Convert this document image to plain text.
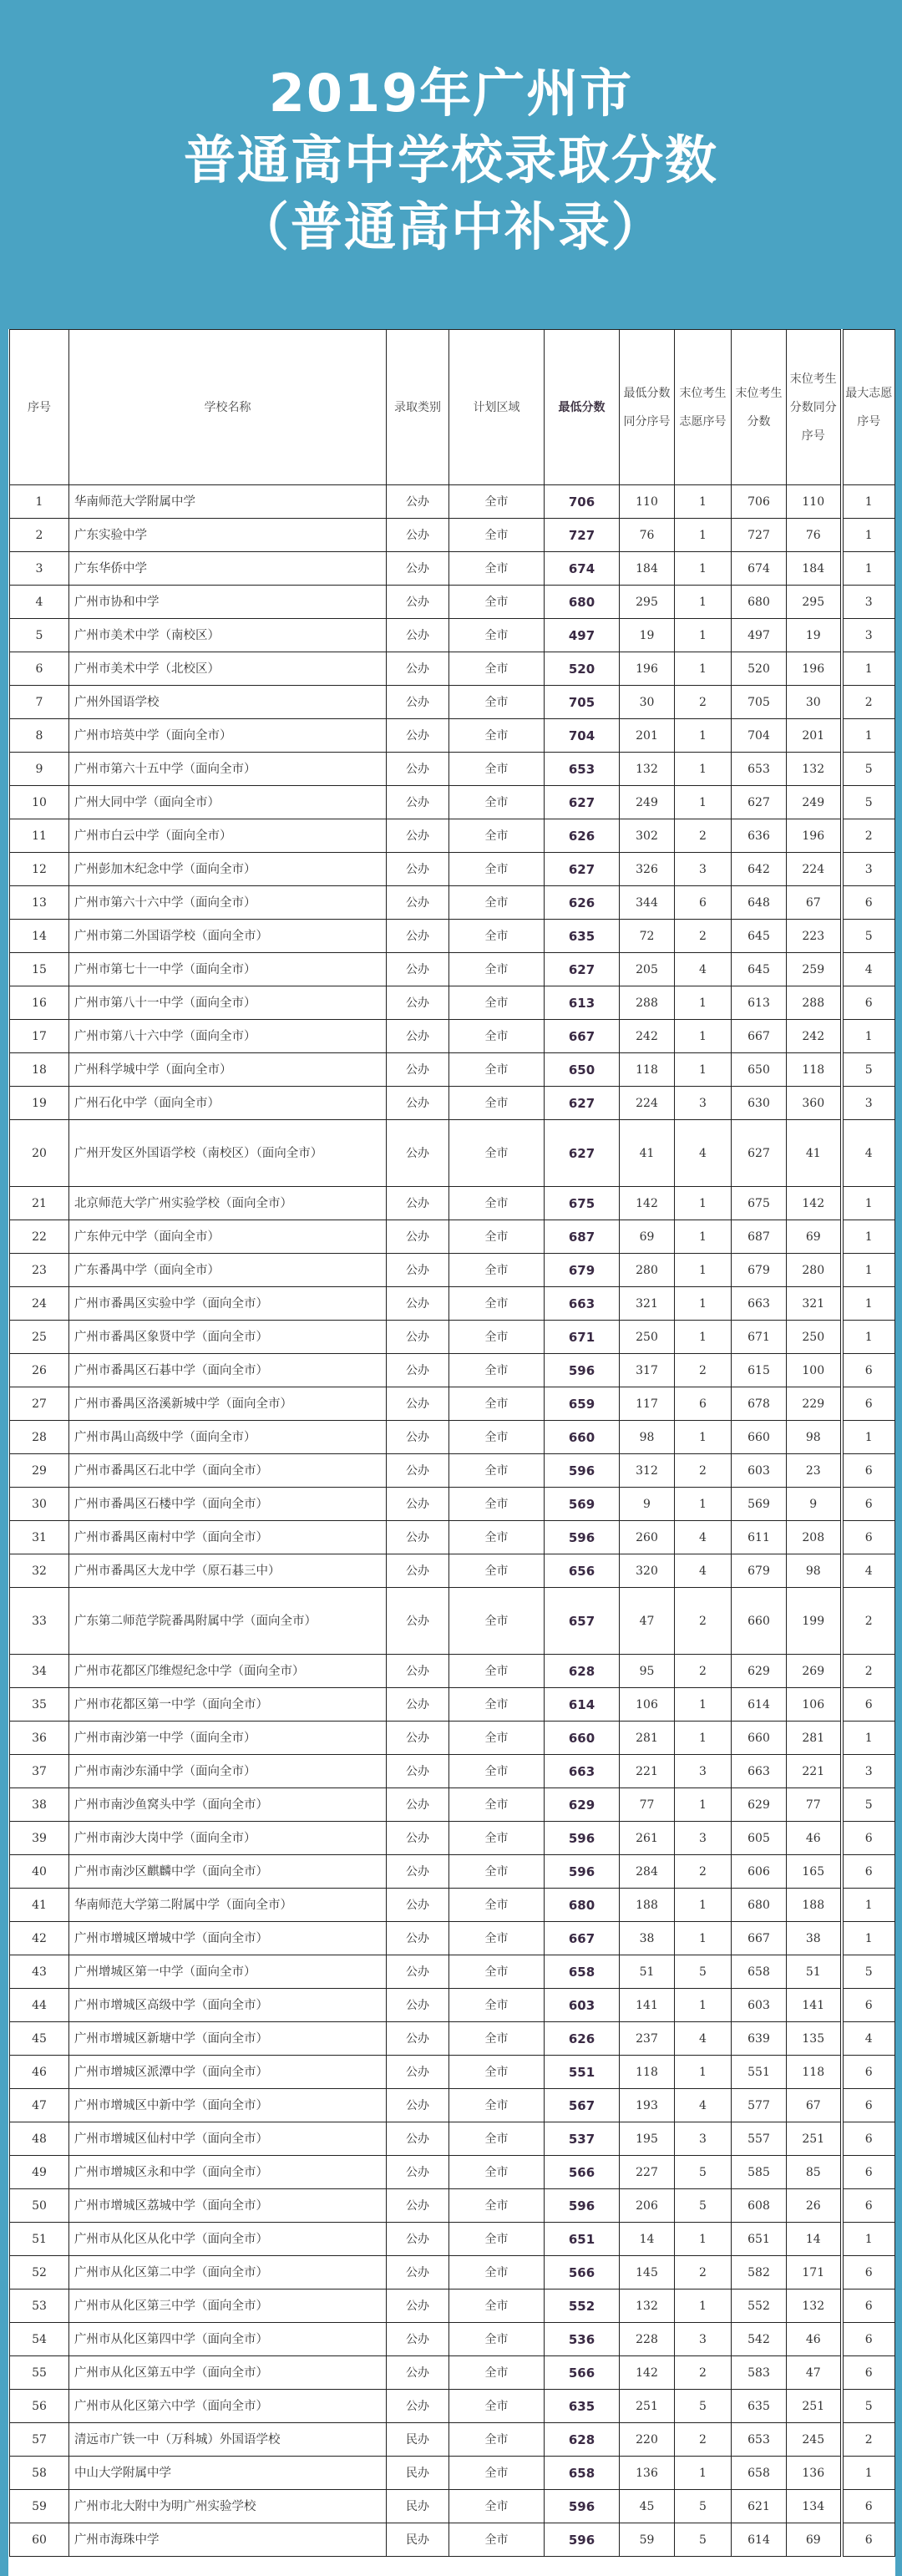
2019年广州市
普通高中学校录取分数
（普通高中补录）
序号	学校名称	录取类别	计划区域	最低分数	最低分数同分序号	末位考生志愿序号	末位考生分数	末位考生分数同分序号	最大志愿序号
1	华南师范大学附属中学	公办	全市	706	110	1	706	110	1
2	广东实验中学	公办	全市	727	76	1	727	76	1
3	广东华侨中学	公办	全市	674	184	1	674	184	1
4	广州市协和中学	公办	全市	680	295	1	680	295	3
5	广州市美术中学（南校区）	公办	全市	497	19	1	497	19	3
6	广州市美术中学（北校区）	公办	全市	520	196	1	520	196	1
7	广州外国语学校	公办	全市	705	30	2	705	30	2
8	广州市培英中学（面向全市）	公办	全市	704	201	1	704	201	1
9	广州市第六十五中学（面向全市）	公办	全市	653	132	1	653	132	5
10	广州大同中学（面向全市）	公办	全市	627	249	1	627	249	5
11	广州市白云中学（面向全市）	公办	全市	626	302	2	636	196	2
12	广州彭加木纪念中学（面向全市）	公办	全市	627	326	3	642	224	3
13	广州市第六十六中学（面向全市）	公办	全市	626	344	6	648	67	6
14	广州市第二外国语学校（面向全市）	公办	全市	635	72	2	645	223	5
15	广州市第七十一中学（面向全市）	公办	全市	627	205	4	645	259	4
16	广州市第八十一中学（面向全市）	公办	全市	613	288	1	613	288	6
17	广州市第八十六中学（面向全市）	公办	全市	667	242	1	667	242	1
18	广州科学城中学（面向全市）	公办	全市	650	118	1	650	118	5
19	广州石化中学（面向全市）	公办	全市	627	224	3	630	360	3
20	广州开发区外国语学校（南校区）（面向全市）	公办	全市	627	41	4	627	41	4
21	北京师范大学广州实验学校（面向全市）	公办	全市	675	142	1	675	142	1
22	广东仲元中学（面向全市）	公办	全市	687	69	1	687	69	1
23	广东番禺中学（面向全市）	公办	全市	679	280	1	679	280	1
24	广州市番禺区实验中学（面向全市）	公办	全市	663	321	1	663	321	1
25	广州市番禺区象贤中学（面向全市）	公办	全市	671	250	1	671	250	1
26	广州市番禺区石碁中学（面向全市）	公办	全市	596	317	2	615	100	6
27	广州市番禺区洛溪新城中学（面向全市）	公办	全市	659	117	6	678	229	6
28	广州市禺山高级中学（面向全市）	公办	全市	660	98	1	660	98	1
29	广州市番禺区石北中学（面向全市）	公办	全市	596	312	2	603	23	6
30	广州市番禺区石楼中学（面向全市）	公办	全市	569	9	1	569	9	6
31	广州市番禺区南村中学（面向全市）	公办	全市	596	260	4	611	208	6
32	广州市番禺区大龙中学（原石碁三中）	公办	全市	656	320	4	679	98	4
33	广东第二师范学院番禺附属中学（面向全市）	公办	全市	657	47	2	660	199	2
34	广州市花都区邝维煜纪念中学（面向全市）	公办	全市	628	95	2	629	269	2
35	广州市花都区第一中学（面向全市）	公办	全市	614	106	1	614	106	6
36	广州市南沙第一中学（面向全市）	公办	全市	660	281	1	660	281	1
37	广州市南沙东涌中学（面向全市）	公办	全市	663	221	3	663	221	3
38	广州市南沙鱼窝头中学（面向全市）	公办	全市	629	77	1	629	77	5
39	广州市南沙大岗中学（面向全市）	公办	全市	596	261	3	605	46	6
40	广州市南沙区麒麟中学（面向全市）	公办	全市	596	284	2	606	165	6
41	华南师范大学第二附属中学（面向全市）	公办	全市	680	188	1	680	188	1
42	广州市增城区增城中学（面向全市）	公办	全市	667	38	1	667	38	1
43	广州增城区第一中学（面向全市）	公办	全市	658	51	5	658	51	5
44	广州市增城区高级中学（面向全市）	公办	全市	603	141	1	603	141	6
45	广州市增城区新塘中学（面向全市）	公办	全市	626	237	4	639	135	4
46	广州市增城区派潭中学（面向全市）	公办	全市	551	118	1	551	118	6
47	广州市增城区中新中学（面向全市）	公办	全市	567	193	4	577	67	6
48	广州市增城区仙村中学（面向全市）	公办	全市	537	195	3	557	251	6
49	广州市增城区永和中学（面向全市）	公办	全市	566	227	5	585	85	6
50	广州市增城区荔城中学（面向全市）	公办	全市	596	206	5	608	26	6
51	广州市从化区从化中学（面向全市）	公办	全市	651	14	1	651	14	1
52	广州市从化区第二中学（面向全市）	公办	全市	566	145	2	582	171	6
53	广州市从化区第三中学（面向全市）	公办	全市	552	132	1	552	132	6
54	广州市从化区第四中学（面向全市）	公办	全市	536	228	3	542	46	6
55	广州市从化区第五中学（面向全市）	公办	全市	566	142	2	583	47	6
56	广州市从化区第六中学（面向全市）	公办	全市	635	251	5	635	251	5
57	清远市广铁一中（万科城）外国语学校	民办	全市	628	220	2	653	245	2
58	中山大学附属中学	民办	全市	658	136	1	658	136	1
59	广州市北大附中为明广州实验学校	民办	全市	596	45	5	621	134	6
60	广州市海珠中学	民办	全市	596	59	5	614	69	6
